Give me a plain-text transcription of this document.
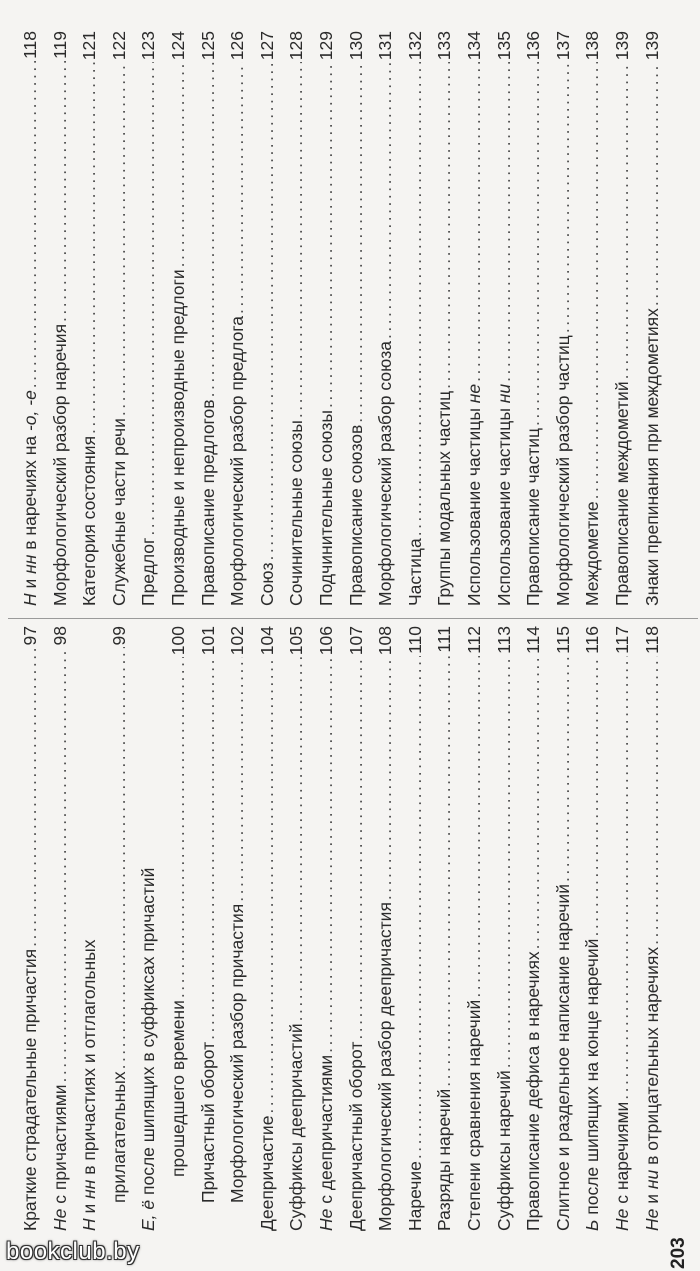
203
Краткие страдательные причастия
.....
97
Не
с причастиями
.....
98
Н
и
нн
в причастиях и отглагольных прилагательных
.....
99
Е, ё
после шипящих в суффиксах причастий прошедшего времени
.....
100
Причастный оборот
.....
101
Морфологический разбор причастия
.....
102
Деепричастие
.....
104
Суффиксы деепричастий
.....
105
Не
с деепричастиями
.....
106
Деепричастный оборот
.....
107
Морфологический разбор деепричастия
.....
108
Наречие
.....
110
Разряды наречий
.....
111
Степени сравнения наречий
.....
112
Суффиксы наречий
.....
113
Правописание дефиса в наречиях
.....
114
Слитное и раздельное написание наречий
.....
115
Ь
после шипящих на конце наречий
.....
116
Не
с наречиями
.....
117
Не
и
ни
в отрицательных наречиях
.....
118
Н
и
нн
в наречиях на
-о, -е
.....
118
Морфологический разбор наречия
.....
119
Категория состояния
.....
121
Служебные части речи
.....
122
Предлог
.....
123
Производные и непроизводные предлоги
.....
124
Правописание предлогов
.....
125
Морфологический разбор предлога
.....
126
Союз
.....
127
Сочинительные союзы
.....
128
Подчинительные союзы
.....
129
Правописание союзов
.....
130
Морфологический разбор союза
.....
131
Частица
.....
132
Группы модальных частиц
.....
133
Использование частицы
не
.....
134
Использование частицы
ни
.....
135
Правописание частиц
.....
136
Морфологический разбор частиц
.....
137
Междометие
.....
138
Правописание междометий
.....
139
Знаки препинания при междометиях
.....
139
bookclub.by
